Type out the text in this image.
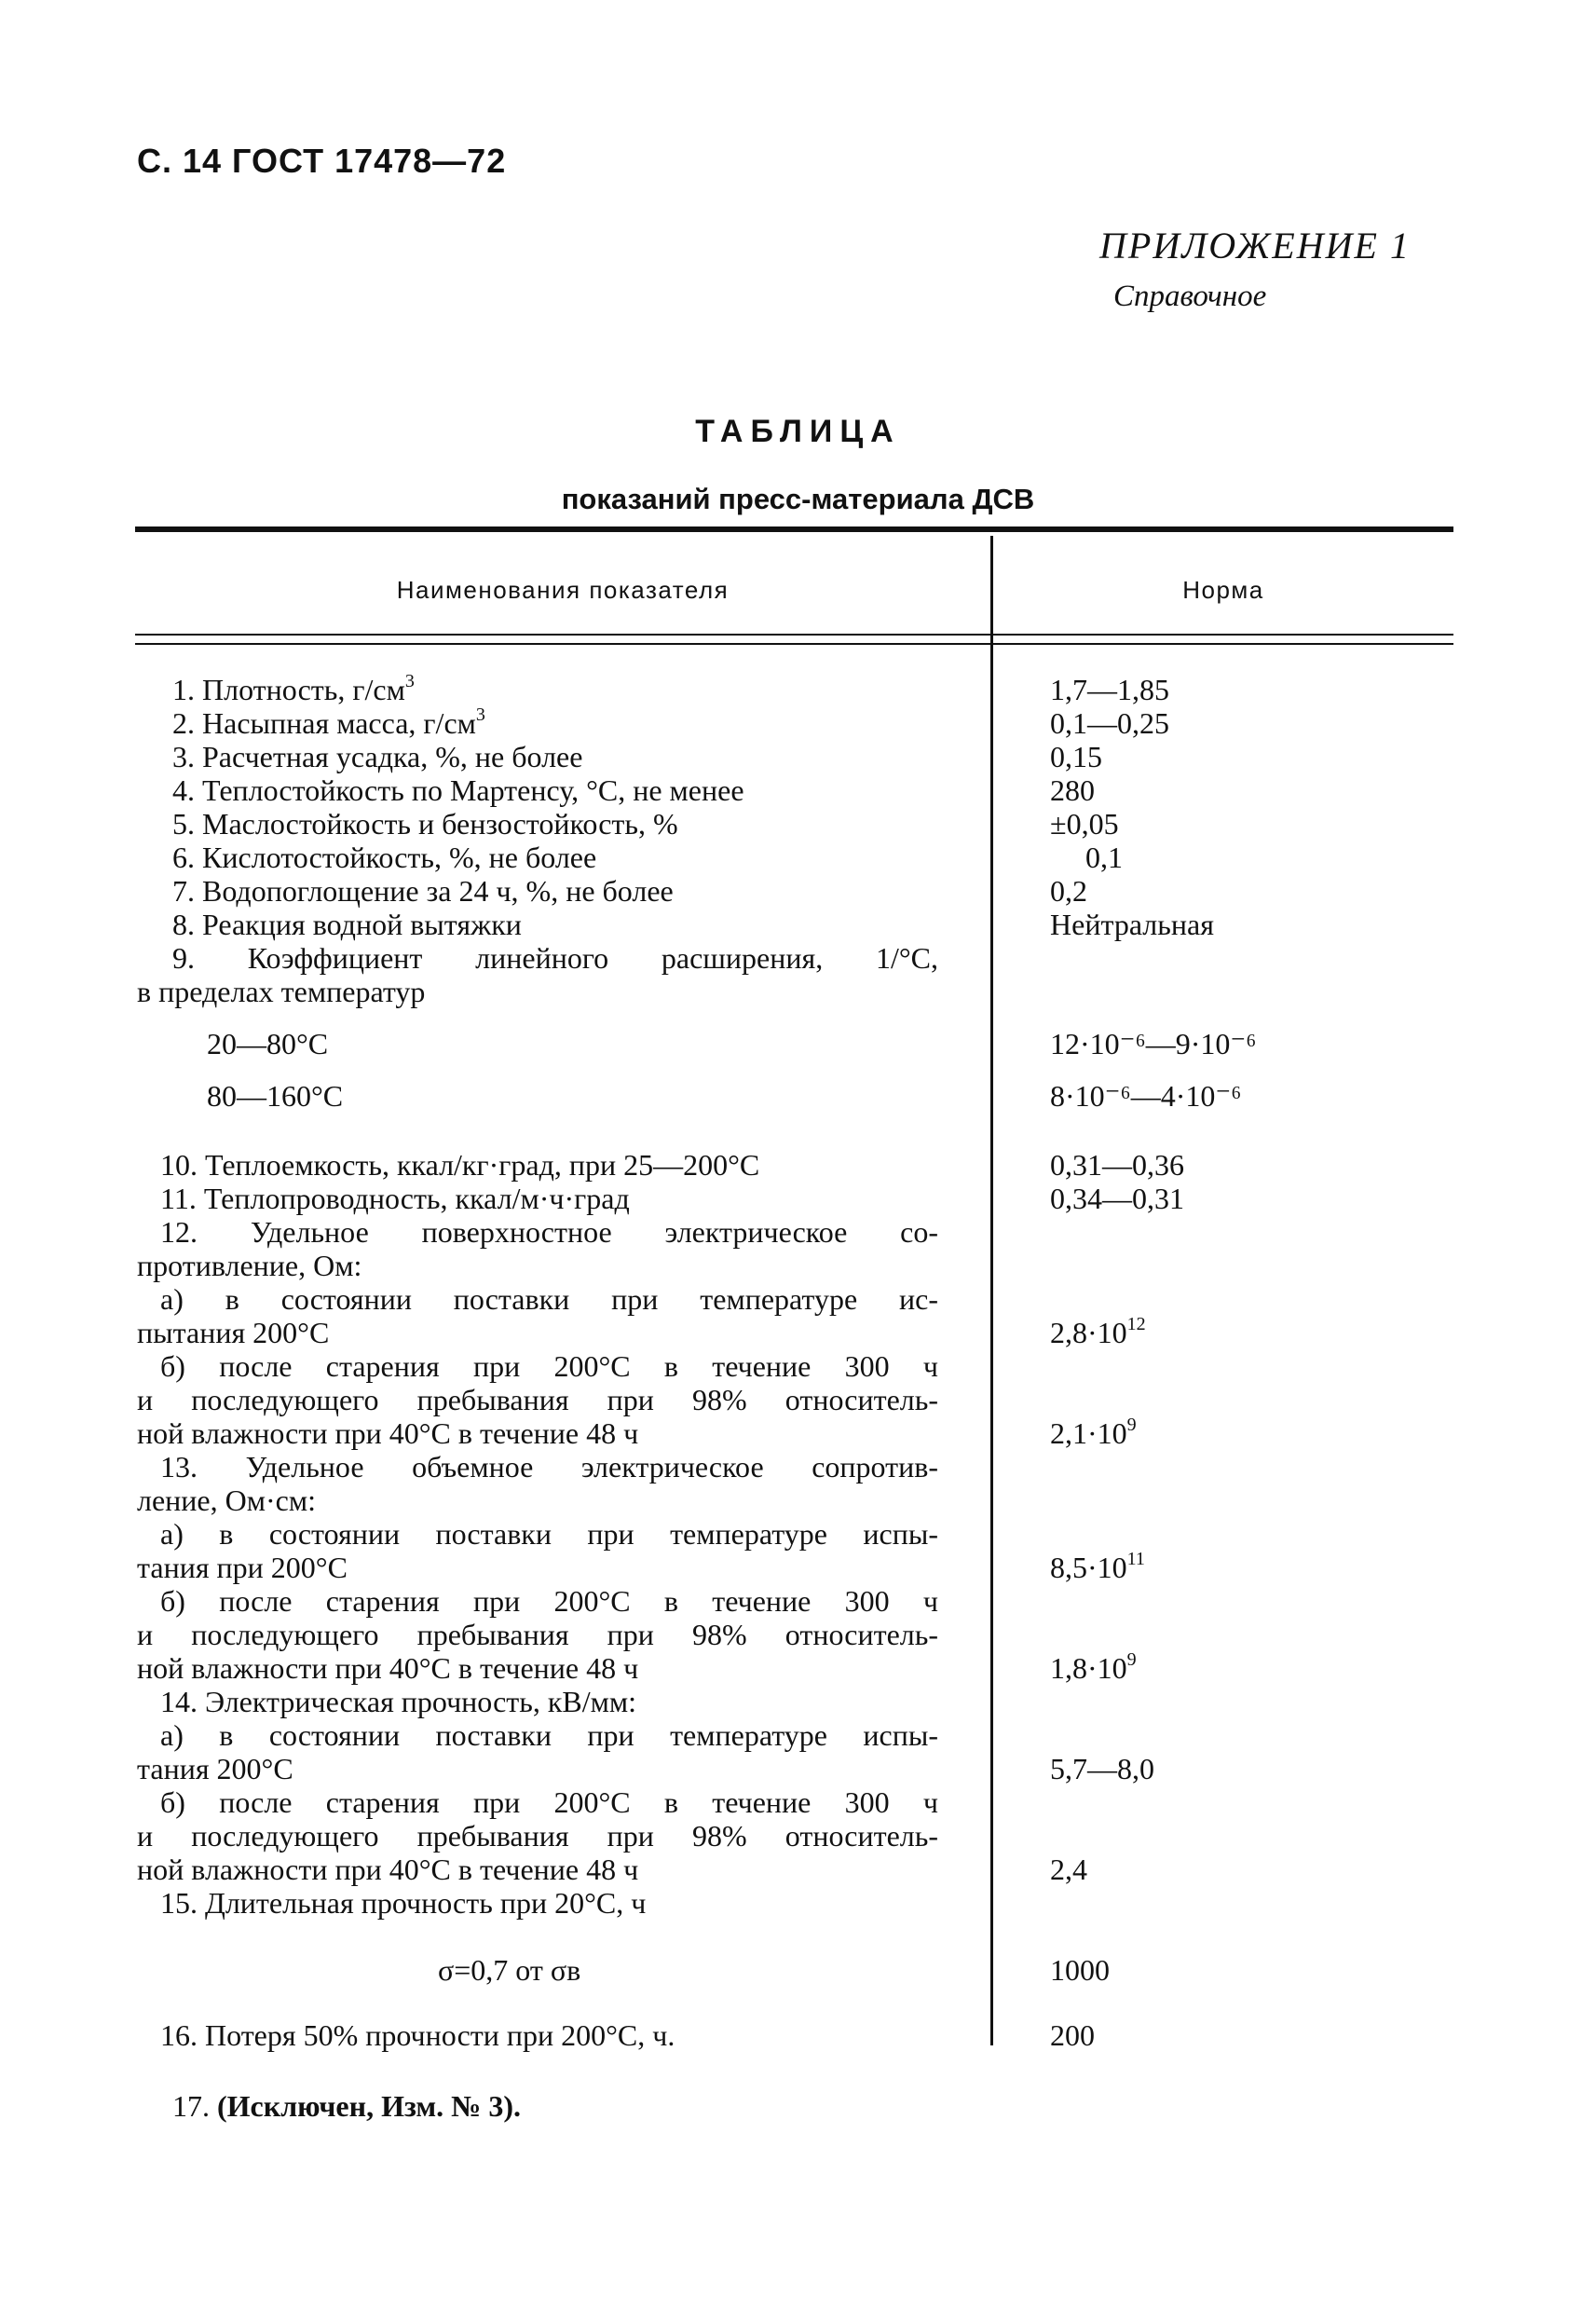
С. 14 ГОСТ 17478—72
ПРИЛОЖЕНИЕ 1
Справочное
ТАБЛИЦА
показаний пресс-материала ДСВ
Наименования показателя	Норма
1. Плотность, $г/см^3$	1,7—1,85
2. Насыпная масса, $г/см^3$	0,1—0,25
3. Расчетная усадка, %, не более	0,15
4. Теплостойкость по Мартенсу, °С, не менее	280
5. Маслостойкость и бензостойкость, %	±0,05
6. Кислотостойкость, %, не более	0,1
7. Водопоглощение за 24 ч, %, не более	0,2
8. Реакция водной вытяжки	Нейтральная
9. Коэффициент линейного расширения, 1/°С,
в пределах температур
20—80°С	12·10⁻⁶—9·10⁻⁶
80—160°С	8·10⁻⁶—4·10⁻⁶
10. Теплоемкость, ккал/кг·град, при 25—200°С	0,31—0,36
11. Теплопроводность, ккал/м·ч·град	0,34—0,31
12. Удельное поверхностное электрическое со-
противление, Ом:
а) в состоянии поставки при температуре ис-
пытания 200°С	$2,8\cdot 10^{12}$
б) после старения при 200°С в течение 300 ч
и последующего пребывания при 98% относитель-
ной влажности при 40°С в течение 48 ч	$2,1\cdot 10^9$
13. Удельное объемное электрическое сопротив-
ление, Ом·см:
а) в состоянии поставки при температуре испы-
тания при 200°С	$8,5\cdot 10^{11}$
б) после старения при 200°С в течение 300 ч
и последующего пребывания при 98% относитель-
ной влажности при 40°С в течение 48 ч	$1,8\cdot 10^9$
14. Электрическая прочность, кВ/мм:
а) в состоянии поставки при температуре испы-
тания 200°С	5,7—8,0
б) после старения при 200°С в течение 300 ч
и последующего пребывания при 98% относитель-
ной влажности при 40°С в течение 48 ч	2,4
15. Длительная прочность при 20°С, ч
σ=0,7 от σв	1000
16. Потеря 50% прочности при 200°С, ч.	200
17. (Исключен, Изм. № 3).
